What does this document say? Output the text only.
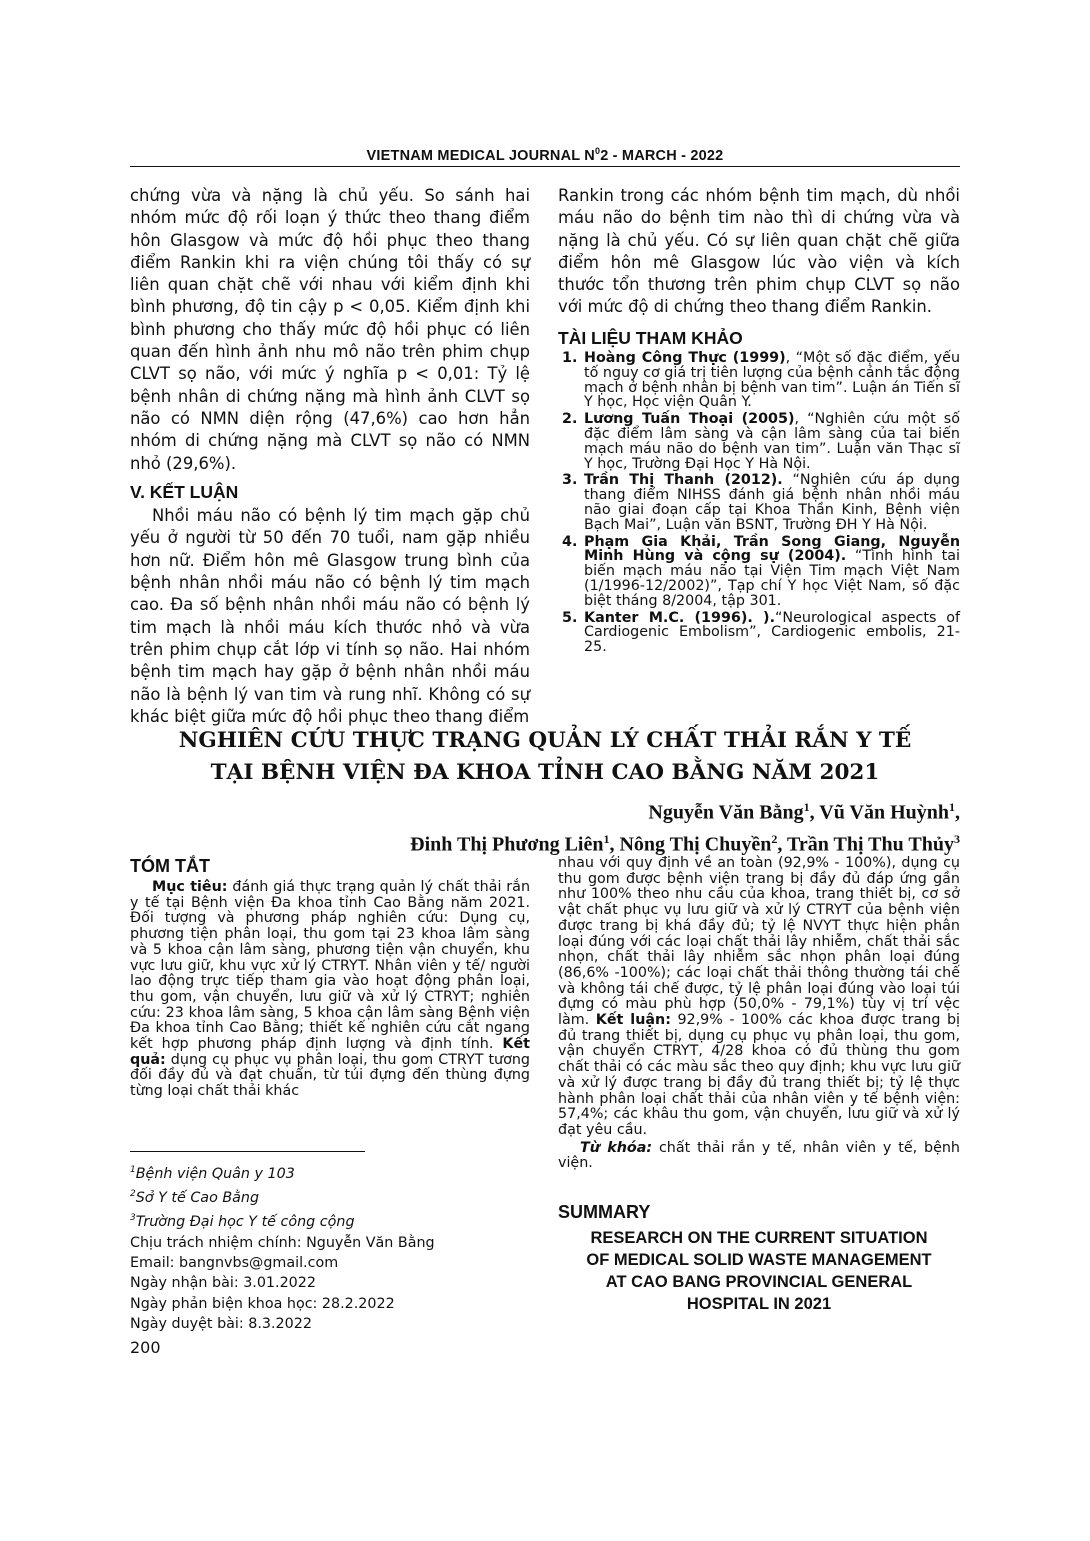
VIETNAM MEDICAL JOURNAL $N^02$ - MARCH - 2022

chứng vừa và nặng là chủ yếu. So sánh hai nhóm mức độ rối loạn ý thức theo thang điểm hôn Glasgow và mức độ hồi phục theo thang điểm Rankin khi ra viện chúng tôi thấy có sự liên quan chặt chẽ với nhau với kiểm định khi bình phương, độ tin cậy p < 0,05. Kiểm định khi bình phương cho thấy mức độ hồi phục có liên quan đến hình ảnh nhu mô não trên phim chụp CLVT sọ não, với mức ý nghĩa p < 0,01: Tỷ lệ bệnh nhân di chứng nặng mà hình ảnh CLVT sọ não có NMN diện rộng (47,6%) cao hơn hẳn nhóm di chứng nặng mà CLVT sọ não có NMN nhỏ (29,6%).

V. KẾT LUẬN

Nhồi máu não có bệnh lý tim mạch gặp chủ yếu ở người từ 50 đến 70 tuổi, nam gặp nhiều hơn nữ. Điểm hôn mê Glasgow trung bình của bệnh nhân nhồi máu não có bệnh lý tim mạch cao. Đa số bệnh nhân nhồi máu não có bệnh lý tim mạch là nhồi máu kích thước nhỏ và vừa trên phim chụp cắt lớp vi tính sọ não. Hai nhóm bệnh tim mạch hay gặp ở bệnh nhân nhồi máu não là bệnh lý van tim và rung nhĩ. Không có sự khác biệt giữa mức độ hồi phục theo thang điểm

Rankin trong các nhóm bệnh tim mạch, dù nhồi máu não do bệnh tim nào thì di chứng vừa và nặng là chủ yếu. Có sự liên quan chặt chẽ giữa điểm hôn mê Glasgow lúc vào viện và kích thước tổn thương trên phim chụp CLVT sọ não với mức độ di chứng theo thang điểm Rankin.

TÀI LIỆU THAM KHẢO
1. Hoàng Công Thực (1999), “Một số đặc điểm, yếu tố nguy cơ giá trị tiên lượng của bệnh cảnh tắc động mạch ở bệnh nhân bị bệnh van tim”. Luận án Tiến sĩ Y học, Học viện Quân Y.
2. Lương Tuấn Thoại (2005), “Nghiên cứu một số đặc điểm lâm sàng và cận lâm sàng của tai biến mạch máu não do bệnh van tim”. Luận văn Thạc sĩ Y học, Trường Đại Học Y Hà Nội.
3. Trần Thị Thanh (2012). “Nghiên cứu áp dụng thang điểm NIHSS đánh giá bệnh nhân nhồi máu não giai đoạn cấp tại Khoa Thần Kinh, Bệnh viện Bạch Mai”, Luận văn BSNT, Trường ĐH Y Hà Nội.
4. Phạm Gia Khải, Trần Song Giang, Nguyễn Minh Hùng và cộng sự (2004). “Tình hình tai biến mạch máu não tại Viện Tim mạch Việt Nam (1/1996-12/2002)”, Tạp chí Y học Việt Nam, số đặc biệt tháng 8/2004, tập 301.
5. Kanter M.C. (1996). ).“Neurological aspects of Cardiogenic Embolism”, Cardiogenic embolis, 21-25.
NGHIÊN CỨU THỰC TRẠNG QUẢN LÝ CHẤT THẢI RẮN Y TẾ
TẠI BỆNH VIỆN ĐA KHOA TỈNH CAO BẰNG NĂM 2021
Nguyễn Văn Bằng$^1$, Vũ Văn Huỳnh$^1$,
Đinh Thị Phương Liên$^1$, Nông Thị Chuyền$^2$, Trần Thị Thu Thủy$^3$
TÓM TẮT

Mục tiêu: đánh giá thực trạng quản lý chất thải rắn y tế tại Bệnh viện Đa khoa tỉnh Cao Bằng năm 2021. Đối tượng và phương pháp nghiên cứu: Dụng cụ, phương tiện phân loại, thu gom tại 23 khoa lâm sàng và 5 khoa cận lâm sàng, phương tiện vận chuyển, khu vực lưu giữ, khu vực xử lý CTRYT. Nhân viên y tế/ người lao động trực tiếp tham gia vào hoạt động phân loại, thu gom, vận chuyển, lưu giữ và xử lý CTRYT; nghiên cứu: 23 khoa lâm sàng, 5 khoa cận lâm sàng Bệnh viện Đa khoa tỉnh Cao Bằng; thiết kế nghiên cứu cắt ngang kết hợp phương pháp định lượng và định tính. Kết quả: dụng cụ phục vụ phân loại, thu gom CTRYT tương đối đầy đủ và đạt chuẩn, từ túi đựng đến thùng đựng từng loại chất thải khác

nhau với quy định về an toàn (92,9% - 100%), dụng cụ thu gom được bệnh viện trang bị đầy đủ đáp ứng gần như 100% theo nhu cầu của khoa, trang thiết bị, cơ sở vật chất phục vụ lưu giữ và xử lý CTRYT của bệnh viện được trang bị khá đầy đủ; tỷ lệ NVYT thực hiện phân loại đúng với các loại chất thải lây nhiễm, chất thải sắc nhọn, chất thải lây nhiễm sắc nhọn phân loại đúng (86,6% -100%); các loại chất thải thông thường tái chế và không tái chế được, tỷ lệ phân loại đúng vào loại túi đựng có màu phù hợp (50,0% - 79,1%) tùy vị trí vệc làm. Kết luận: 92,9% - 100% các khoa được trang bị đủ trang thiết bị, dụng cụ phục vụ phân loại, thu gom, vận chuyển CTRYT, 4/28 khoa có đủ thùng thu gom chất thải có các màu sắc theo quy định; khu vực lưu giữ và xử lý được trang bị đầy đủ trang thiết bị; tỷ lệ thực hành phân loại chất thải của nhân viên y tế bệnh viện: 57,4%; các khâu thu gom, vận chuyển, lưu giữ và xử lý đạt yêu cầu.

Từ khóa: chất thải rắn y tế, nhân viên y tế, bệnh viện.

$^1$Bệnh viện Quân y 103

$^2$Sở Y tế Cao Bằng

$^3$Trường Đại học Y tế công cộng

Chịu trách nhiệm chính: Nguyễn Văn Bằng

Email: bangnvbs@gmail.com

Ngày nhận bài: 3.01.2022

Ngày phản biện khoa học: 28.2.2022

Ngày duyệt bài: 8.3.2022

SUMMARY
RESEARCH ON THE CURRENT SITUATION
OF MEDICAL SOLID WASTE MANAGEMENT
AT CAO BANG PROVINCIAL GENERAL
HOSPITAL IN 2021
200
